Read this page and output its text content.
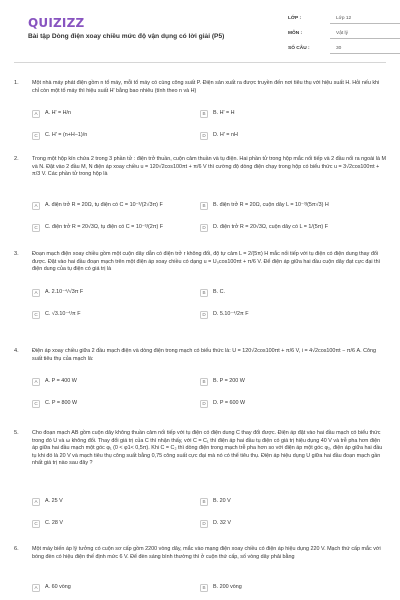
QUIZIZZ
Bài tập Dòng điện xoay chiều mức độ vận dụng có lời giải (P5)
LỚP :	Lớp 12
MÔN :	Vật lý
SỐ CÂU :	30
1. Một nhà máy phát điện gồm n tổ máy, mỗi tổ máy có cùng công suất P. Điện sản xuất ra được truyền đến nơi tiêu thụ với hiệu suất H. Hỏi nếu khi chỉ còn một tổ máy thì hiệu suất H' bằng bao nhiêu (tính theo n và H)
A	A. H' = H/n	B	B. H' = H
C	C. H' = (n+H−1)/n	D	D. H' = nH
2. Trong một hộp kín chứa 2 trong 3 phần tử : điện trở thuần, cuộn cảm thuần và tụ điện. Hai phần tử trong hộp mắc nối tiếp và 2 đầu nối ra ngoài là M và N. Đặt vào 2 đầu M, N điện áp xoay chiều u = 120√2cos100πt + π/6 V thì cường độ dòng điện chạy trong hộp có biểu thức u = 3√2cos100πt + π/3 V. Các phần tử trong hộp là
A	A. điện trở R = 20Ω, tụ điện có C = 10⁻³/(2√3π) F	B	B. điện trở R = 20Ω, cuộn dây L = 10⁻³/(5π√3) H
C	C. điện trở R = 20√3Ω, tụ điện có C = 10⁻³/(2π) F	D	D. điện trở R = 20√3Ω, cuộn dây có L = 1/(5π) F
3. Đoạn mạch điện xoay chiều gồm một cuộn dây dẫn có điện trở r không đổi, độ tự cảm L = 2/(5π) H mắc nối tiếp với tụ điện có điện dung thay đổi được. Đặt vào hai đầu đoạn mạch trên một điện áp xoay chiều có dạng u = U₀cos100πt + π/6 V. Để điện áp giữa hai đầu cuộn dây đạt cực đại thì điện dung của tụ điện có giá trị là
A	A. 2.10⁻⁴/√3π F	B	B. C.
C	C. √3.10⁻⁴/π F	D	D. 5.10⁻⁴/2π F
4. Điện áp xoay chiều giữa 2 đầu mạch điện và dòng điện trong mạch có biểu thức là: U = 120√2cos100πt + π/6 V, i = 4√2cos100πt − π/6 A. Công suất tiêu thụ của mạch là:
A	A. P = 400 W	B	B. P = 200 W
C	C. P = 800 W	D	D. P = 600 W
5. Cho đoạn mạch AB gồm cuộn dây không thuần cảm nối tiếp với tụ điện có điện dung C thay đổi được. Điện áp đặt vào hai đầu mạch có biểu thức trong đó U và ω không đổi. Thay đổi giá trị của C thì nhận thấy, với C = C₁ thì điện áp hai đầu tụ điện có giá trị hiệu dụng 40 V và trễ pha hơn điện áp giữa hai đầu mạch một góc φ₁ (0 < φ1< 0,5π). Khi C = C₂ thì dòng điện trong mạch trễ pha hơn so với điện áp một góc φ₂, điện áp giữa hai đầu tụ khi đó là 20 V và mạch tiêu thụ công suất bằng 0,75 công suất cực đại mà nó có thể tiêu thụ. Điện áp hiệu dụng U giữa hai đầu đoạn mạch gần nhất giá trị nào sau đây ?
A	A. 25 V	B	B. 20 V
C	C. 28 V	D	D. 32 V
6. Một máy biến áp lý tưởng có cuộn sơ cấp gồm 2200 vòng dây, mắc vào mạng điện xoay chiều có điện áp hiệu dụng 220 V. Mạch thứ cấp mắc với bóng đèn có hiệu điện thế định mức 6 V. Để đèn sáng bình thường thì ở cuộn thứ cấp, số vòng dây phải bằng
A	A. 60 vòng	B	B. 200 vòng
